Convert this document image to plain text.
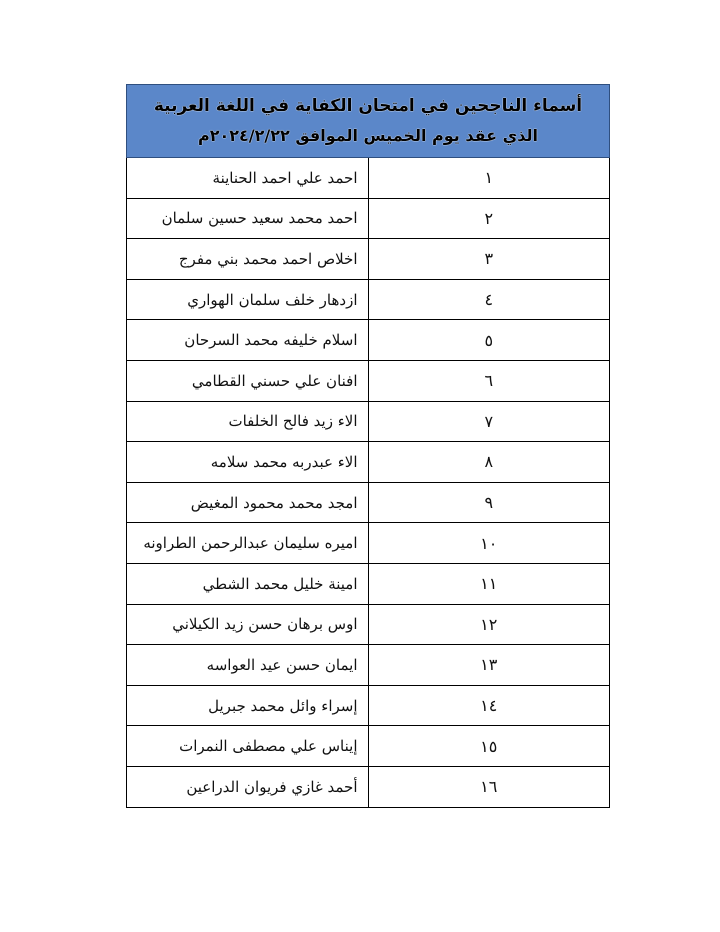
أسماء الناجحين في امتحان الكفاية في اللغة العربية
الذي عقد يوم الخميس الموافق ٢٠٢٤/٢/٢٢م	

١	احمد علي احمد الحناينة
٢	احمد محمد سعيد حسين سلمان
٣	اخلاص احمد محمد بني مفرج
٤	ازدهار خلف سلمان الهواري
٥	اسلام خليفه محمد السرحان
٦	افنان علي حسني القطامي
٧	الاء زيد فالح الخلفات
٨	الاء عبدربه محمد سلامه
٩	امجد محمد محمود المغيض
١٠	اميره سليمان عبدالرحمن الطراونه
١١	امينة خليل محمد الشطي
١٢	اوس برهان حسن زيد الكيلاني
١٣	ايمان حسن عيد العواسه
١٤	إسراء وائل محمد جبريل
١٥	إيناس علي مصطفى النمرات
١٦	أحمد غازي فريوان الدراعين
